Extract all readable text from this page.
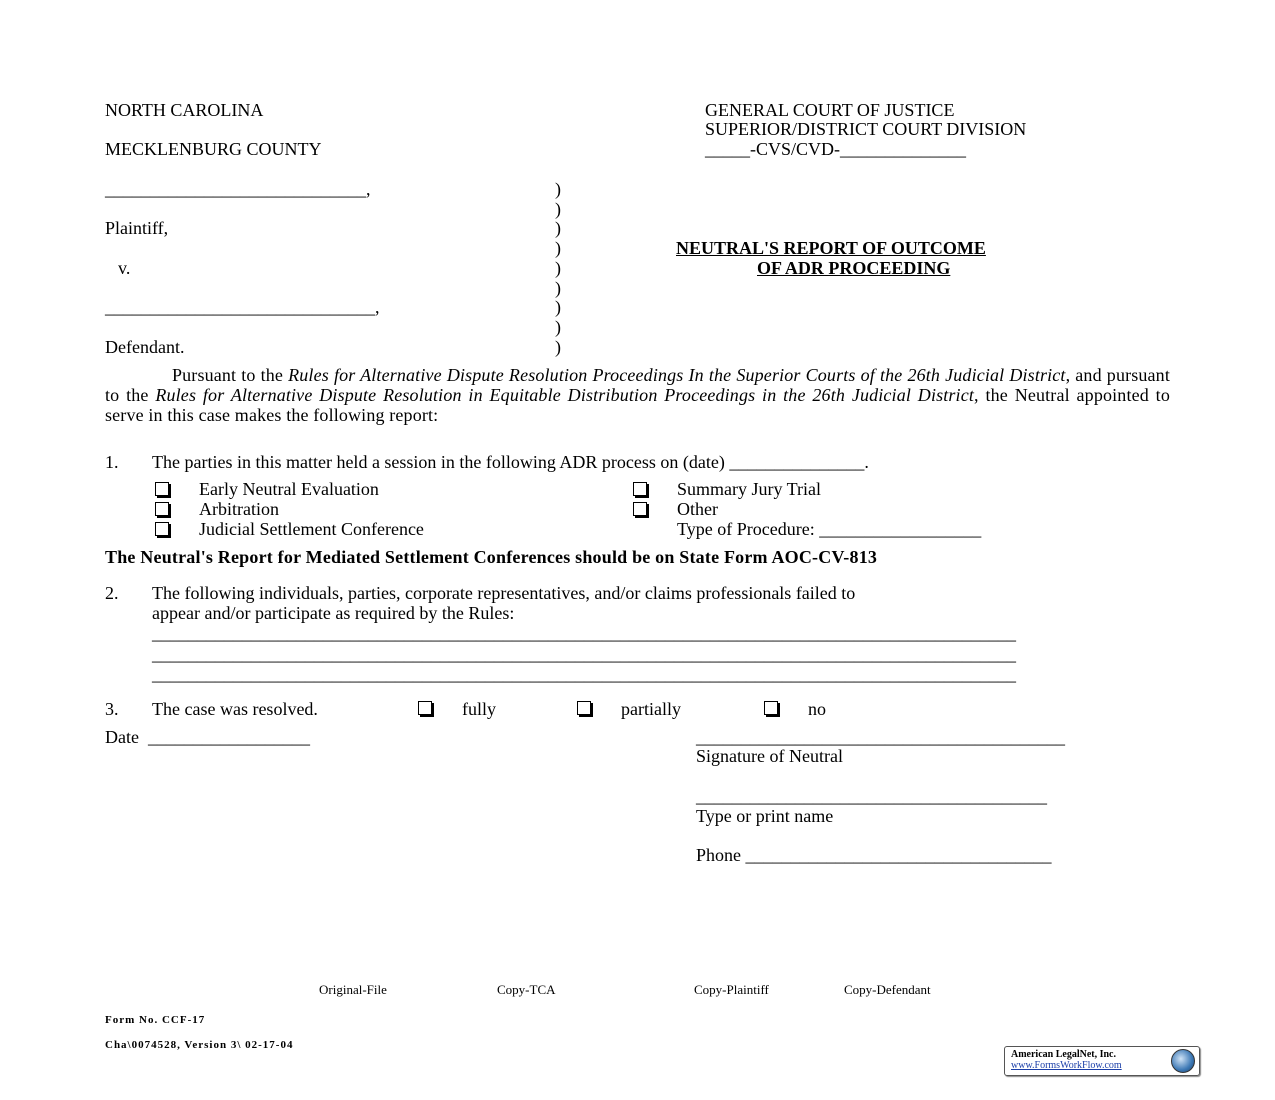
NORTH CAROLINA
MECKLENBURG COUNTY
GENERAL COURT OF JUSTICE
SUPERIOR/DISTRICT COURT DIVISION
_____-CVS/CVD-______________
_____________________________,
Plaintiff,
v.
______________________________,
Defendant.
)
)
)
)
)
)
)
)
)
NEUTRAL'S REPORT OF OUTCOME
OF ADR PROCEEDING
Pursuant to the Rules for Alternative Dispute Resolution Proceedings In the Superior Courts of the 26th Judicial District, and pursuant to the Rules for Alternative Dispute Resolution in Equitable Distribution Proceedings in the 26th Judicial District, the Neutral appointed to serve in this case makes the following report:
1. The parties in this matter held a session in the following ADR process on (date) _______________.
Early Neutral Evaluation
Arbitration
Judicial Settlement Conference
Summary Jury Trial
Other
Type of Procedure: __________________
The Neutral's Report for Mediated Settlement Conferences should be on State Form AOC-CV-813
2. The following individuals, parties, corporate representatives, and/or claims professionals failed to
appear and/or participate as required by the Rules:
________________________________________________________________________________________________
________________________________________________________________________________________________
________________________________________________________________________________________________
3. The case was resolved.	fully	partially	no
Date  __________________	_________________________________________
Signature of Neutral
_______________________________________
Type or print name
Phone __________________________________
Original-File	Copy-TCA	Copy-Plaintiff	Copy-Defendant
Form No. CCF-17
Cha\0074528, Version 3\ 02-17-04
American LegalNet, Inc.
www.FormsWorkFlow.com
